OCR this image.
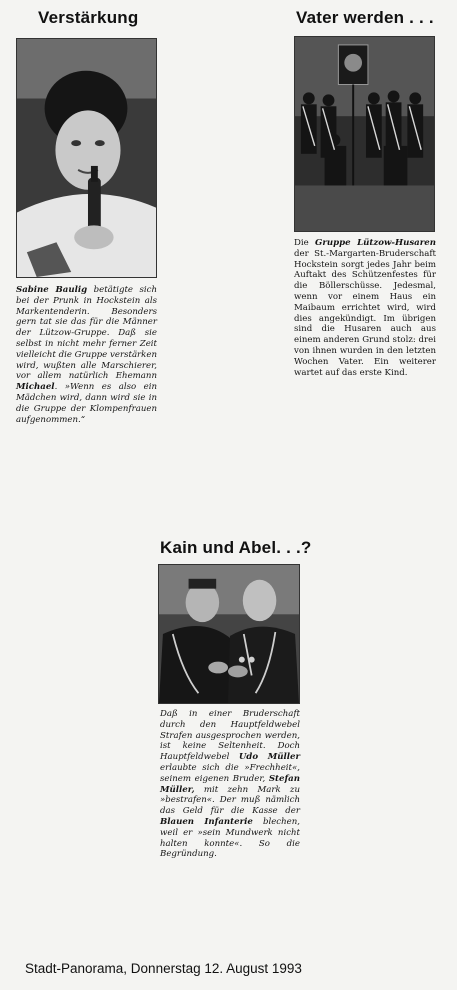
Verstärkung

Sabine Baulig betätigte sich bei der Prunk in Hockstein als Markentenderin. Besonders gern tat sie das für die Männer der Lützow-Gruppe. Daß sie selbst in nicht mehr ferner Zeit vielleicht die Gruppe verstärken wird, wußten alle Marschierer, vor allem natürlich Ehemann Michael. »Wenn es also ein Mädchen wird, dann wird sie in die Gruppe der Klompenfrauen aufgenommen.“

Vater werden . . .

Die Gruppe Lützow-Husaren der St.-Margarten-Bruderschaft Hockstein sorgt jedes Jahr beim Auftakt des Schützenfestes für die Böllerschüsse. Jedesmal, wenn vor einem Haus ein Maibaum errichtet wird, wird dies angekündigt. Im übrigen sind die Husaren auch aus einem anderen Grund stolz: drei von ihnen wurden in den letzten Wochen Vater. Ein weiterer wartet auf das erste Kind.

Kain und Abel. . .?

Daß in einer Bruderschaft durch den Hauptfeldwebel Strafen ausgesprochen werden, ist keine Seltenheit. Doch Hauptfeldwebel Udo Müller erlaubte sich die »Frechheit«, seinem eigenen Bruder, Stefan Müller, mit zehn Mark zu »bestrafen«. Der muß nämlich das Geld für die Kasse der Blauen Infanterie blechen, weil er »sein Mundwerk nicht halten konnte«. So die Begründung.

Stadt-Panorama, Donnerstag 12. August 1993
